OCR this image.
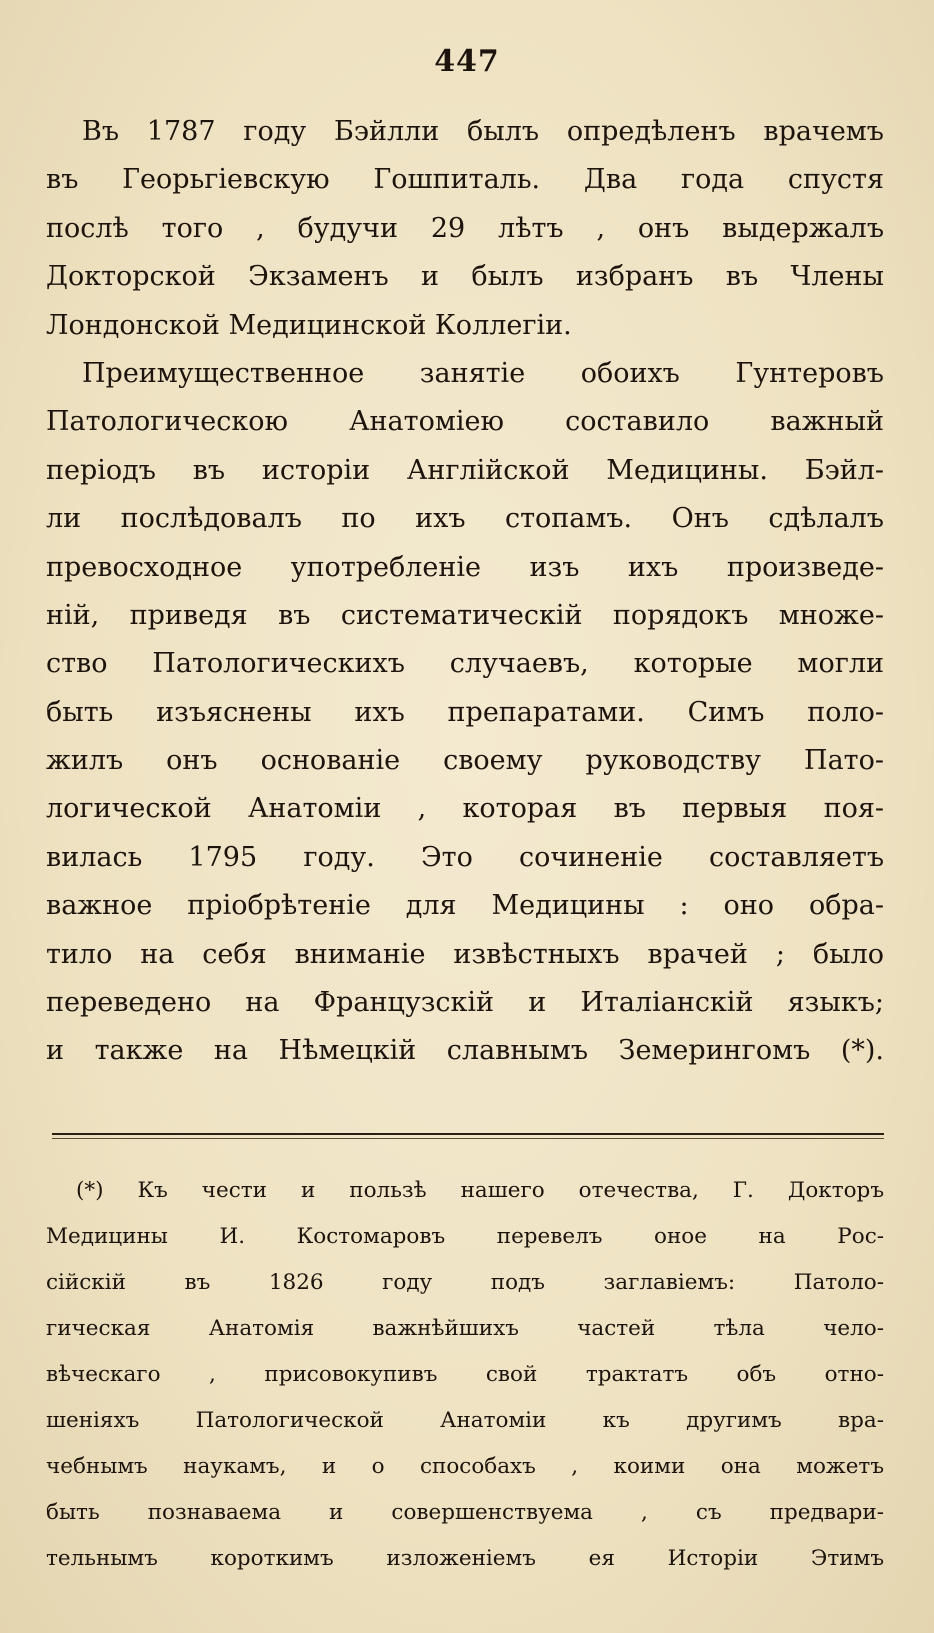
447
Въ 1787 году Бэйлли былъ опредѣленъ врачемъ
въ Георьгіевскую Гошпиталь. Два года спустя
послѣ того , будучи 29 лѣтъ , онъ выдержалъ
Докторской Экзаменъ и былъ избранъ въ Члены
Лондонской Медицинской Коллегіи.
Преимущественное занятіе обоихъ Гунтеровъ
Патологическою Анатоміею составило важный
періодъ въ исторіи Англійской Медицины. Бэйл-
ли послѣдовалъ по ихъ стопамъ. Онъ сдѣлалъ
превосходное употребленіе изъ ихъ произведе-
ній, приведя въ систематическій порядокъ множе-
ство Патологическихъ случаевъ, которые могли
быть изъяснены ихъ препаратами. Симъ поло-
жилъ онъ основаніе своему руководству Пато-
логической Анатоміи , которая въ первыя поя-
вилась 1795 году. Это сочиненіе составляетъ
важное пріобрѣтеніе для Медицины : оно обра-
тило на себя вниманіе извѣстныхъ врачей ; было
переведено на Французскій и Италіанскій языкъ;
и также на Нѣмецкій славнымъ Земерингомъ (*).
(*) Къ чести и пользѣ нашего отечества, Г. Докторъ
Медицины И. Костомаровъ перевелъ оное на Рос-
сійскій въ 1826 году подъ заглавіемъ: Патоло-
гическая Анатомія важнѣйшихъ частей тѣла чело-
вѣческаго , присовокупивъ свой трактатъ объ отно-
шеніяхъ Патологической Анатоміи къ другимъ вра-
чебнымъ наукамъ, и о способахъ , коими она можетъ
быть познаваема и совершенствуема , съ предвари-
тельнымъ короткимъ изложеніемъ ея Исторіи Этимъ
